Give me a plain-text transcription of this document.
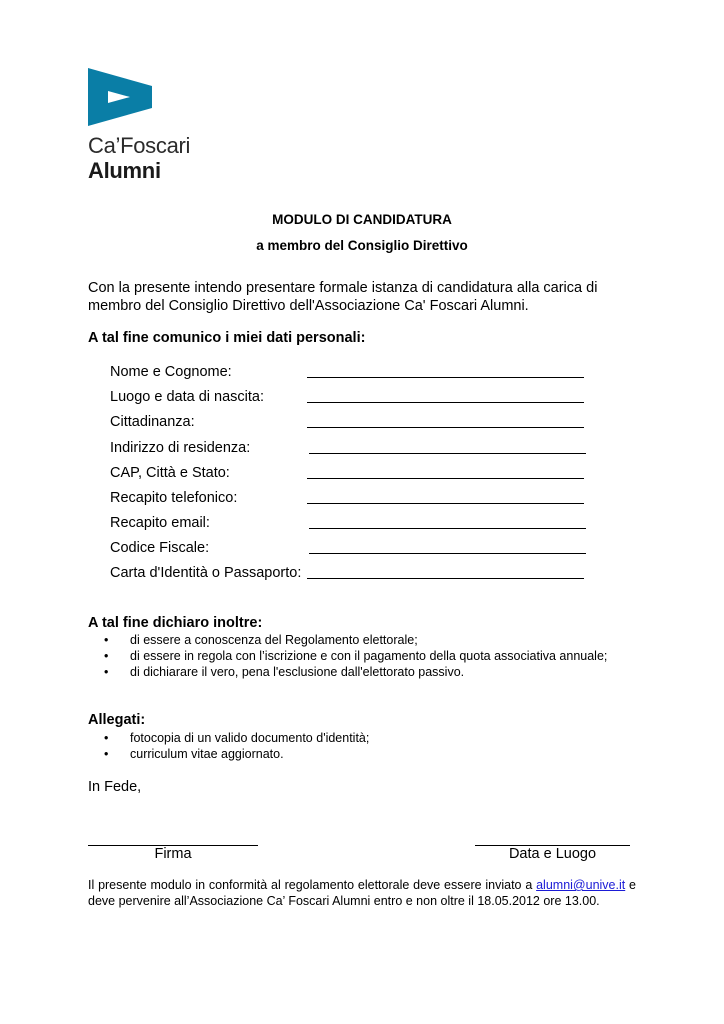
Ca’Foscari
Alumni
MODULO DI CANDIDATURA
a membro del Consiglio Direttivo
Con la presente intendo presentare formale istanza di candidatura alla carica di membro del Consiglio Direttivo dell'Associazione Ca' Foscari Alumni.
A tal fine comunico i miei dati personali:
Nome e Cognome:
Luogo e data di nascita:
Cittadinanza:
Indirizzo di residenza:
CAP, Città e Stato:
Recapito telefonico:
Recapito email:
Codice Fiscale:
Carta d'Identità o Passaporto:
A tal fine dichiaro inoltre:
• di essere a conoscenza del Regolamento elettorale;
• di essere in regola con l’iscrizione e con il pagamento della quota associativa annuale;
• di dichiarare il vero, pena l'esclusione dall'elettorato passivo.
Allegati:
• fotocopia di un valido documento d'identità;
• curriculum vitae aggiornato.
In Fede,
Firma	Data e Luogo
Il presente modulo in conformità al regolamento elettorale deve essere inviato a alumni@unive.it e deve pervenire all’Associazione Ca’ Foscari Alumni entro e non oltre il 18.05.2012 ore 13.00.
